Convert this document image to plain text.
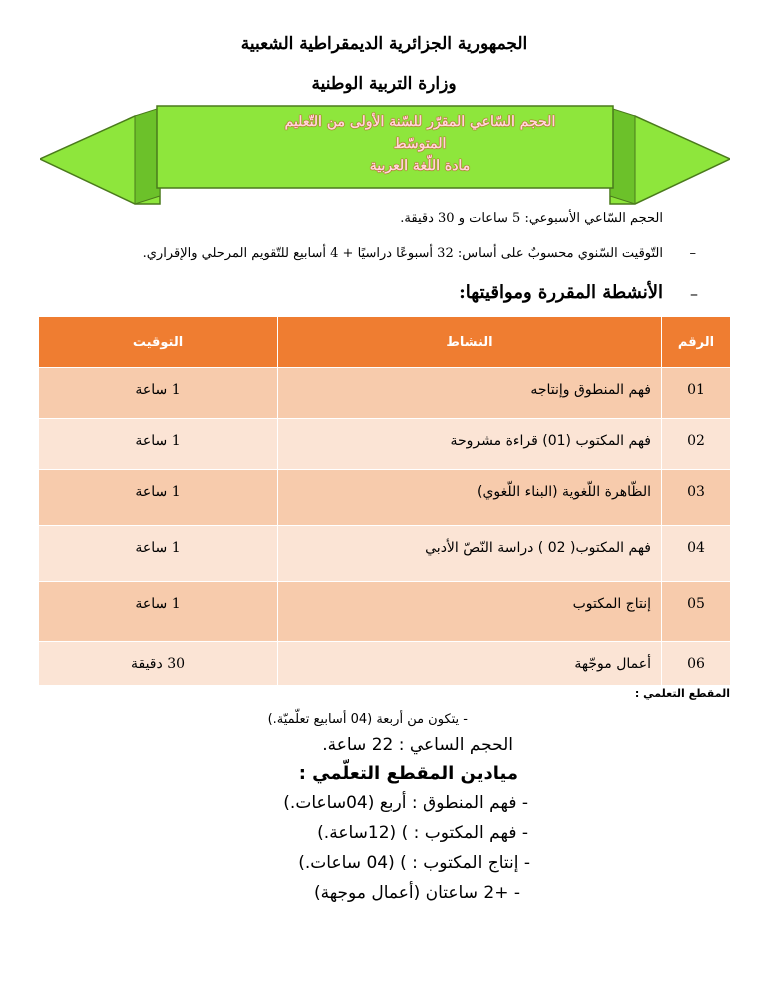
الجمهورية الجزائرية الديمقراطية الشعبية
وزارة التربية الوطنية
الحجم السّاعي المقرّر للسّنة الأولى من التّعليم
المتوسّط
مادة اللّغة العربية
الحجم السّاعي الأسبوعي: 5 ساعات و 30 دقيقة.
–
التّوقيت السّنوي محسوبٌ على أساس: 32 أسبوعًا دراسيًا + 4 أسابيع للتّقويم المرحلي والإقراري.
–
الأنشطة المقررة ومواقيتها:
الرقم	النشاط	التوقيت

01	فهم المنطوق وإنتاجه	1 ساعة

02	فهم المكتوب (01) قراءة مشروحة	1 ساعة

03	الظّاهرة اللّغوية (البناء اللّغوي)	1 ساعة

04	فهم المكتوب( 02 ) دراسة النّصّ الأدبي	1 ساعة

05	إنتاج المكتوب	1 ساعة

06	أعمال موجّهة	30 دقيقة
المقطع التعلمي :
- يتكون من أربعة (04 أسابيع تعلّميّة.)
الحجم الساعي : 22 ساعة.
ميادين المقطع التعلّمي :
- فهم المنطوق : أربع (04ساعات.)
- فهم المكتوب : ) (12ساعة.)
- إنتاج المكتوب : ) (04 ساعات.)
- +2 ساعتان (أعمال موجهة)
